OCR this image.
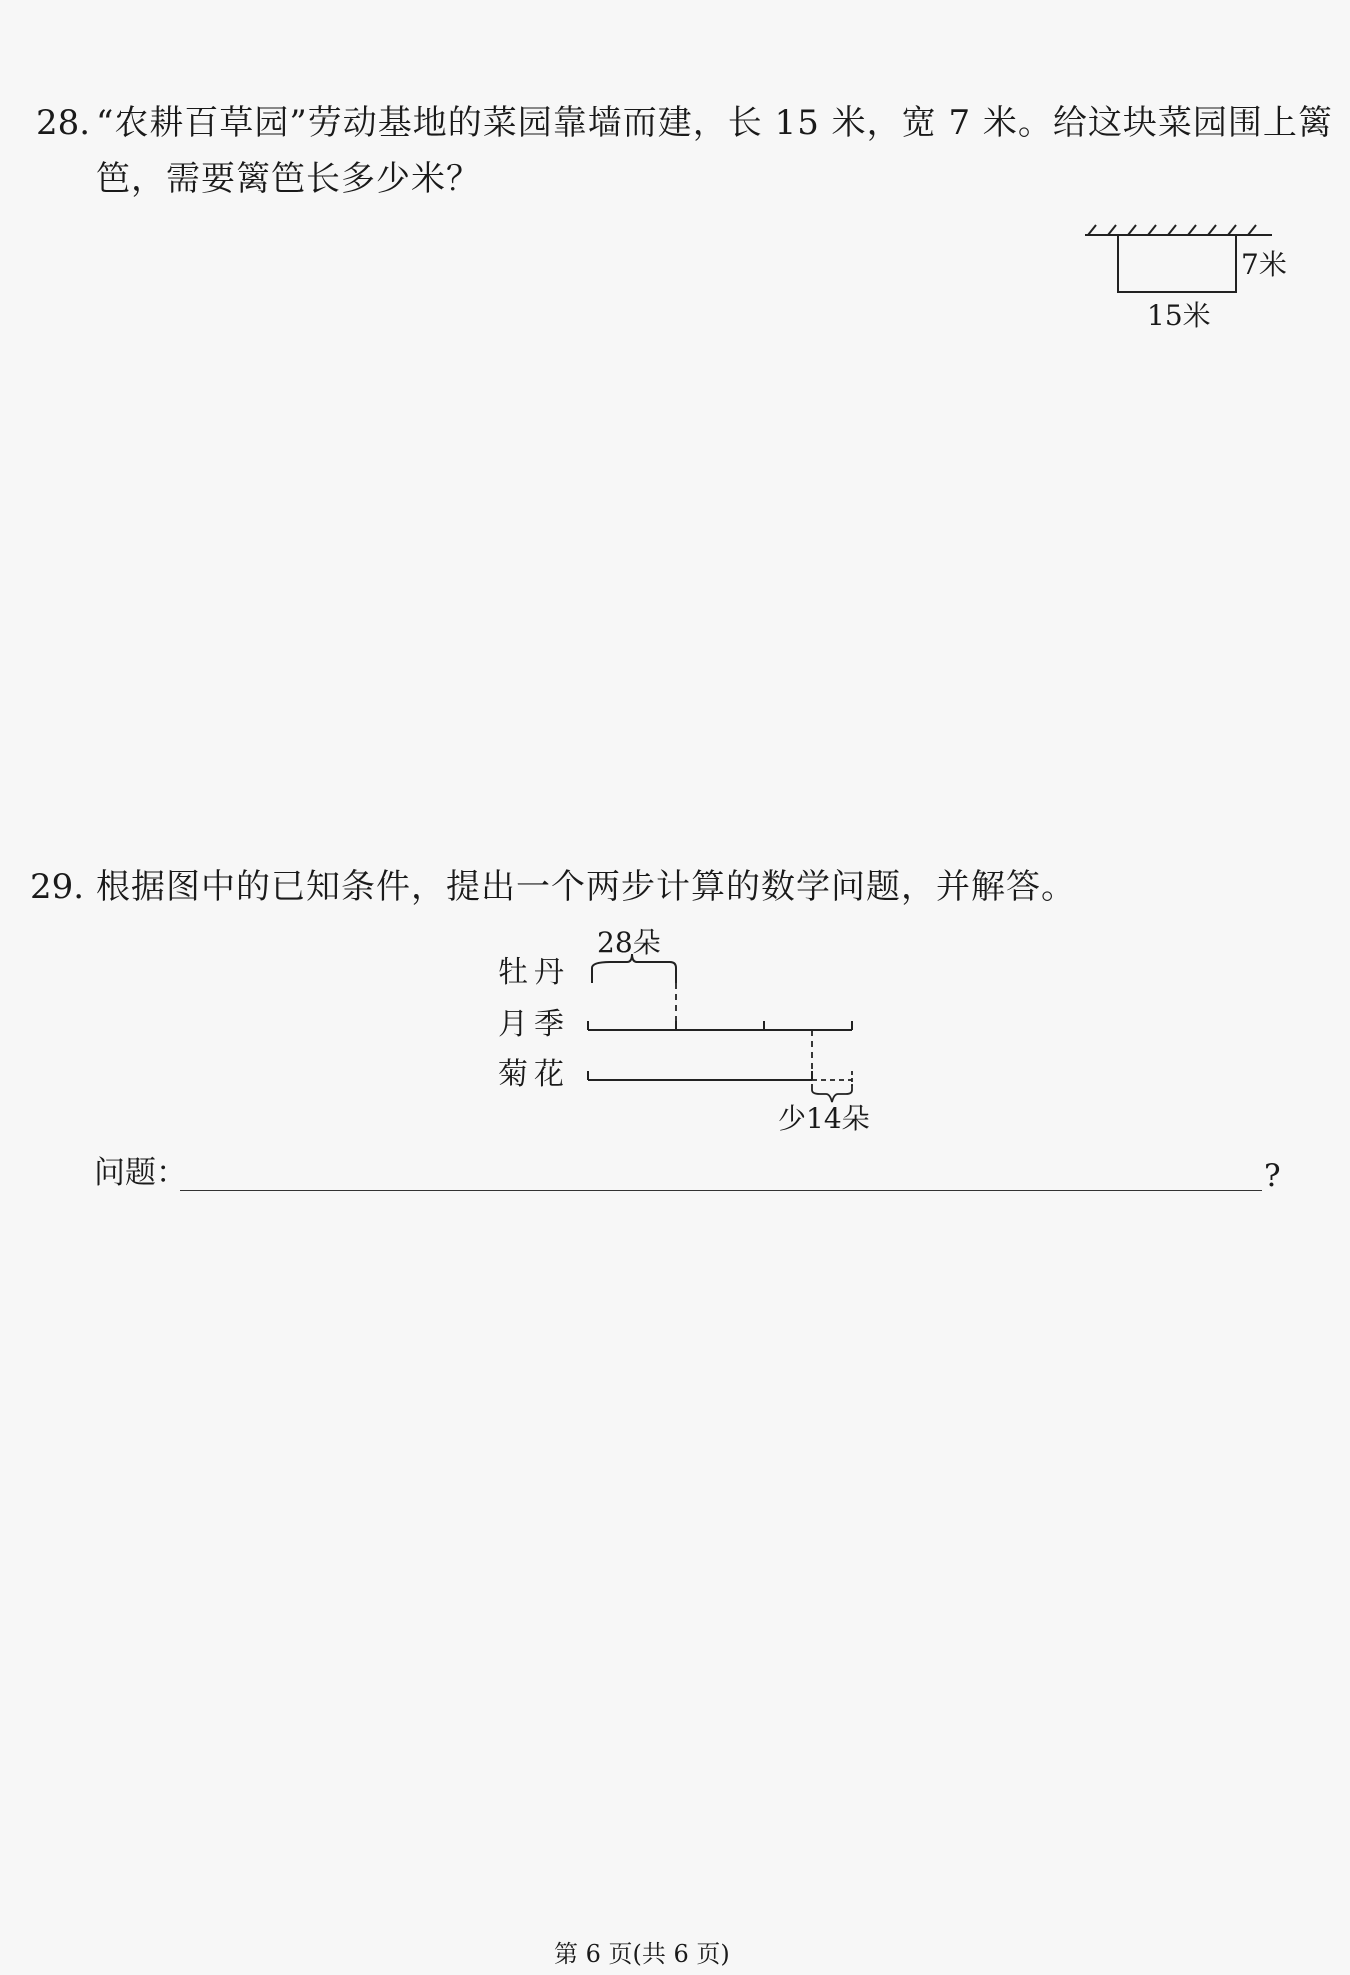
28. “农耕百草园”劳动基地的菜园靠墙而建，长 15 米，宽 7 米。给这块菜园围上篱
笆，需要篱笆长多少米？
7米
15米
28朵
牡丹
月季
菊花
少14朵
29. 根据图中的已知条件，提出一个两步计算的数学问题，并解答。
问题：	?
第 6 页(共 6 页)
